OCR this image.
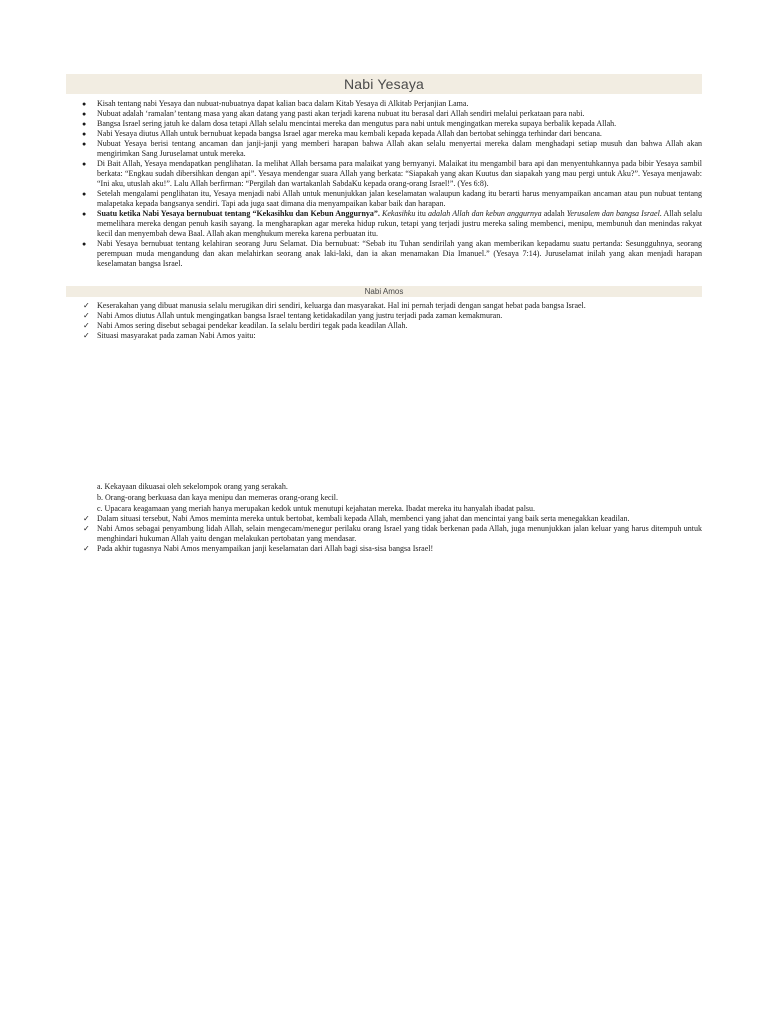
Nabi Yesaya
● Kisah tentang nabi Yesaya dan nubuat-nubuatnya dapat kalian baca dalam Kitab Yesaya di Alkitab Perjanjian Lama.
● Nubuat adalah ‘ramalan’ tentang masa yang akan datang yang pasti akan terjadi karena nubuat itu berasal dari Allah sendiri melalui perkataan para nabi.
● Bangsa Israel sering jatuh ke dalam dosa tetapi Allah selalu mencintai mereka dan mengutus para nabi untuk mengingatkan mereka supaya berbalik kepada Allah.
● Nabi Yesaya diutus Allah untuk bernubuat kepada bangsa Israel agar mereka mau kembali kepada kepada Allah dan bertobat sehingga terhindar dari bencana.
● Nubuat Yesaya berisi tentang ancaman dan janji-janji yang memberi harapan bahwa Allah akan selalu menyertai mereka dalam menghadapi setiap musuh dan bahwa Allah akan mengirimkan Sang Juruselamat untuk mereka.
● Di Bait Allah, Yesaya mendapatkan penglihatan. Ia melihat Allah bersama para malaikat yang bernyanyi. Malaikat itu mengambil bara api dan menyentuhkannya pada bibir Yesaya sambil berkata: “Engkau sudah dibersihkan dengan api”. Yesaya mendengar suara Allah yang berkata: “Siapakah yang akan Kuutus dan siapakah yang mau pergi untuk Aku?”. Yesaya menjawab: “Ini aku, utuslah aku!”. Lalu Allah berfirman: “Pergilah dan wartakanlah SabdaKu kepada orang-orang Israel!”. (Yes 6:8).
● Setelah mengalami penglihatan itu, Yesaya menjadi nabi Allah untuk menunjukkan jalan keselamatan walaupun kadang itu berarti harus menyampaikan ancaman atau pun nubuat tentang malapetaka kepada bangsanya sendiri. Tapi ada juga saat dimana dia menyampaikan kabar baik dan harapan.
● Suatu ketika Nabi Yesaya bernubuat tentang “Kekasihku dan Kebun Anggurnya”. Kekasihku itu adalah Allah dan kebun anggurnya adalah Yerusalem dan bangsa Israel. Allah selalu memelihara mereka dengan penuh kasih sayang. Ia mengharapkan agar mereka hidup rukun, tetapi yang terjadi justru mereka saling membenci, menipu, membunuh dan menindas rakyat kecil dan menyembah dewa Baal. Allah akan menghukum mereka karena perbuatan itu.
● Nabi Yesaya bernubuat tentang kelahiran seorang Juru Selamat. Dia bernubuat: “Sebab itu Tuhan sendirilah yang akan memberikan kepadamu suatu pertanda: Sesungguhnya, seorang perempuan muda mengandung dan akan melahirkan seorang anak laki-laki, dan ia akan menamakan Dia Imanuel.” (Yesaya 7:14). Juruselamat inilah yang akan menjadi harapan keselamatan bangsa Israel.
Nabi Amos
✓ Keserakahan yang dibuat manusia selalu merugikan diri sendiri, keluarga dan masyarakat. Hal ini pernah terjadi dengan sangat hebat pada bangsa Israel.
✓ Nabi Amos diutus Allah untuk mengingatkan bangsa Israel tentang ketidakadilan yang justru terjadi pada zaman kemakmuran.
✓ Nabi Amos sering disebut sebagai pendekar keadilan. Ia selalu berdiri tegak pada keadilan Allah.
✓ Situasi masyarakat pada zaman Nabi Amos yaitu:
a. Kekayaan dikuasai oleh sekelompok orang yang serakah.
b. Orang-orang berkuasa dan kaya menipu dan memeras orang-orang kecil.
c. Upacara keagamaan yang meriah hanya merupakan kedok untuk menutupi kejahatan mereka. Ibadat mereka itu hanyalah ibadat palsu.
✓ Dalam situasi tersebut, Nabi Amos meminta mereka untuk bertobat, kembali kepada Allah, membenci yang jahat dan mencintai yang baik serta menegakkan keadilan.
✓ Nabi Amos sebagai penyambung lidah Allah, selain mengecam/menegur perilaku orang Israel yang tidak berkenan pada Allah, juga menunjukkan jalan keluar yang harus ditempuh untuk menghindari hukuman Allah yaitu dengan melakukan pertobatan yang mendasar.
✓ Pada akhir tugasnya Nabi Amos menyampaikan janji keselamatan dari Allah bagi sisa-sisa bangsa Israel!
